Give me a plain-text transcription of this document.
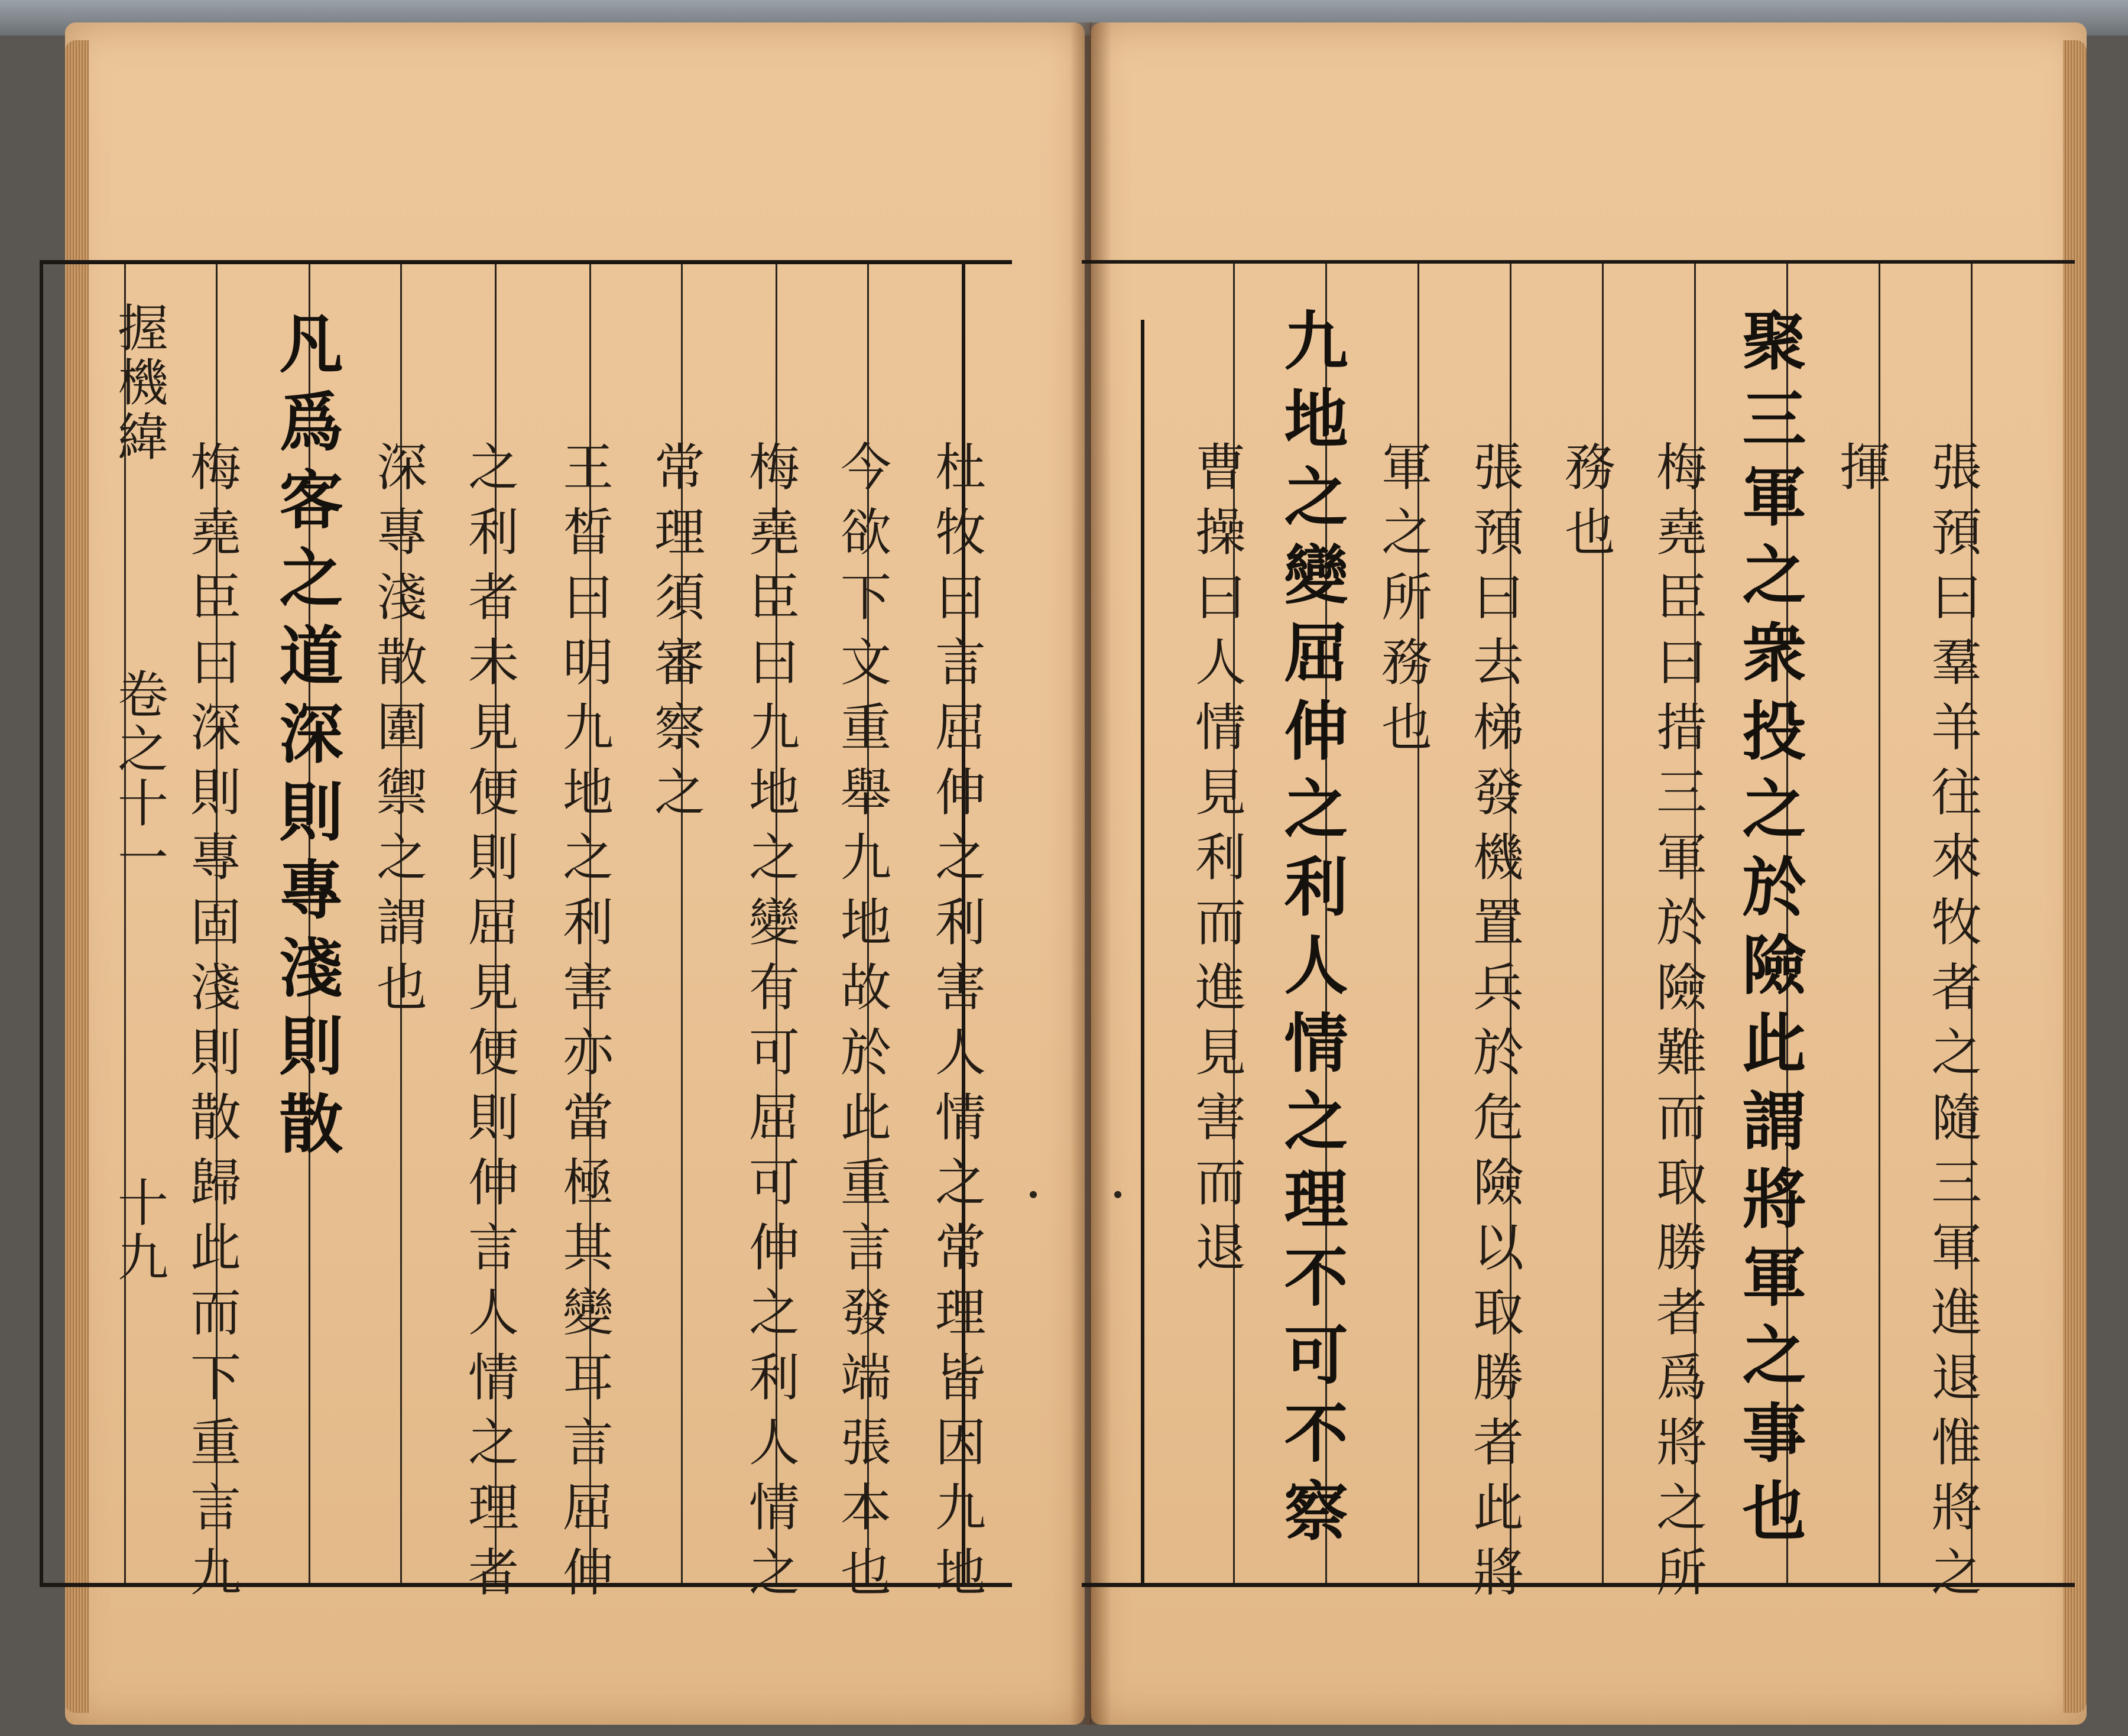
握機緯
卷之十一
十九	杜牧曰言屈伸之利害人情之常理皆因九地
今欲下文重舉九地故於此重言發端張本也
梅堯臣曰九地之變有可屈可伸之利人情之
常理須審察之
王晳曰明九地之利害亦當極其變耳言屈伸
之利者未見便則屈見便則伸言人情之理者
深專淺散圍禦之謂也
凡爲客之道深則專淺則散
梅堯臣曰深則專固淺則散歸此而下重言九	張預曰羣羊往來牧者之隨三軍進退惟將之
揮
聚三軍之衆投之於險此謂將軍之事也
梅堯臣曰措三軍於險難而取勝者爲將之所
務也
張預曰去梯發機置兵於危險以取勝者此將
軍之所務也
九地之變屈伸之利人情之理不可不察
曹操曰人情見利而進見害而退
